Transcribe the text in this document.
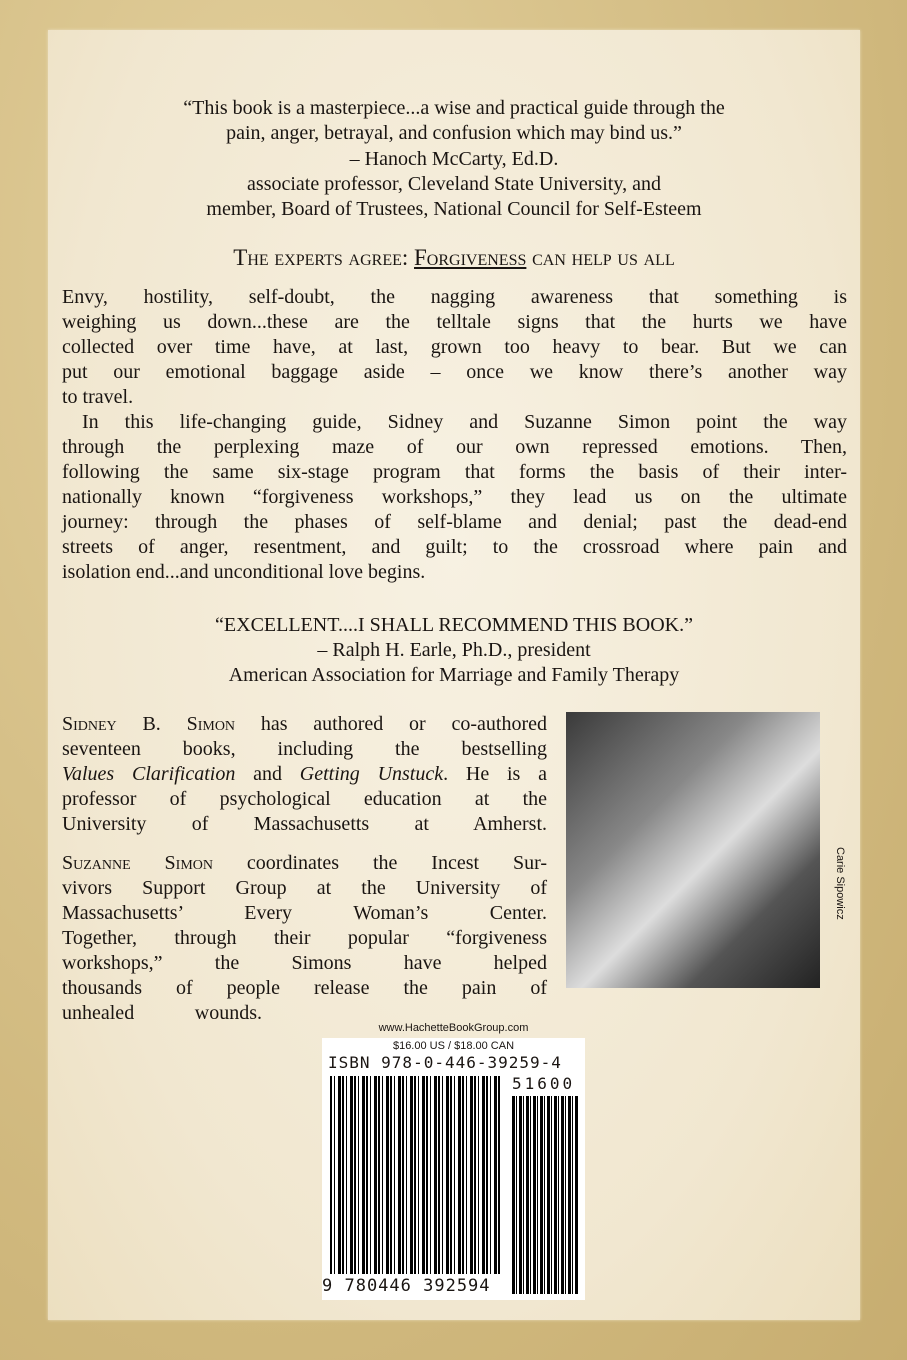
“This book is a masterpiece...a wise and practical guide through the
pain, anger, betrayal, and confusion which may bind us.”
– Hanoch McCarty, Ed.D.
associate professor, Cleveland State University, and
member, Board of Trustees, National Council for Self-Esteem
The experts agree: Forgiveness can help us all
Envy, hostility, self-doubt, the nagging awareness that something is
weighing us down...these are the telltale signs that the hurts we have
collected over time have, at last, grown too heavy to bear. But we can
put our emotional baggage aside – once we know there’s another way
to travel.
In this life-changing guide, Sidney and Suzanne Simon point the way
through the perplexing maze of our own repressed emotions. Then,
following the same six-stage program that forms the basis of their inter-
nationally known “forgiveness workshops,” they lead us on the ultimate
journey: through the phases of self-blame and denial; past the dead-end
streets of anger, resentment, and guilt; to the crossroad where pain and
isolation end...and unconditional love begins.
“EXCELLENT....I SHALL RECOMMEND THIS BOOK.”
– Ralph H. Earle, Ph.D., president
American Association for Marriage and Family Therapy
Sidney B. Simon has authored or co-authored
seventeen books, including the bestselling
Values Clarification and Getting Unstuck. He is a
professor of psychological education at the
University of Massachusetts at Amherst.
Suzanne Simon coordinates the Incest Sur-
vivors Support Group at the University of
Massachusetts’ Every Woman’s Center.
Together, through their popular “forgiveness
workshops,” the Simons have helped
thousands of people release the pain of
unhealed wounds.
Carie Sipowicz
www.HachetteBookGroup.com
$16.00 US / $18.00 CAN
ISBN 978-0-446-39259-4
51600
9 780446 392594
